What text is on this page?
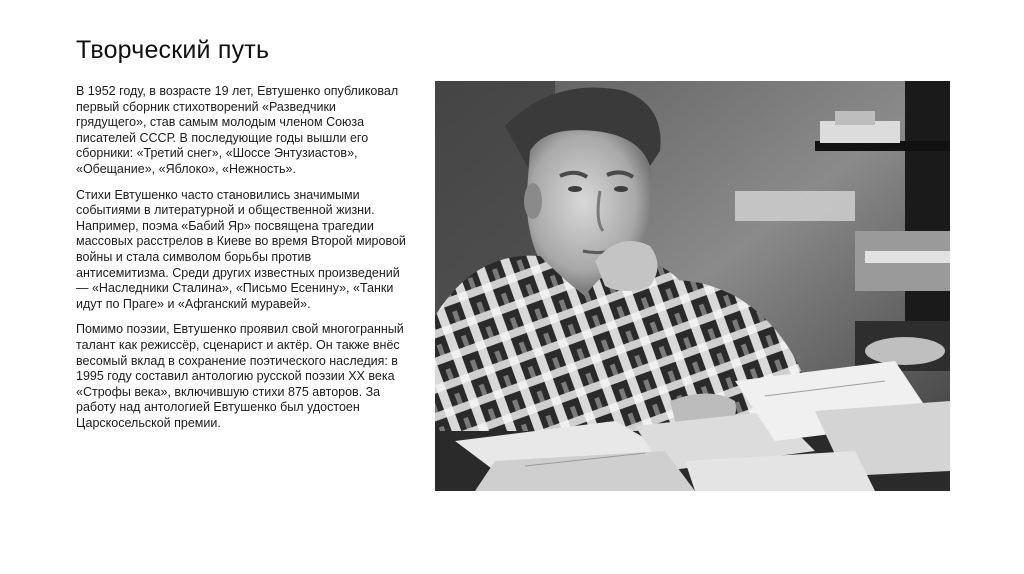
Творческий путь

В 1952 году, в возрасте 19 лет, Евтушенко опубликовал первый сборник стихотворений «Разведчики грядущего», став самым молодым членом Союза писателей СССР. В последующие годы вышли его сборники: «Третий снег», «Шоссе Энтузиастов», «Обещание», «Яблоко», «Нежность».

Стихи Евтушенко часто становились значимыми событиями в литературной и общественной жизни. Например, поэма «Бабий Яр» посвящена трагедии массовых расстрелов в Киеве во время Второй мировой войны и стала символом борьбы против антисемитизма. Среди других известных произведений — «Наследники Сталина», «Письмо Есенину», «Танки идут по Праге» и «Афганский муравей».

Помимо поэзии, Евтушенко проявил свой многогранный талант как режиссёр, сценарист и актёр. Он также внёс весомый вклад в сохранение поэтического наследия: в 1995 году составил антологию русской поэзии XX века «Строфы века», включившую стихи 875 авторов. За работу над антологией Евтушенко был удостоен Царскосельской премии.
